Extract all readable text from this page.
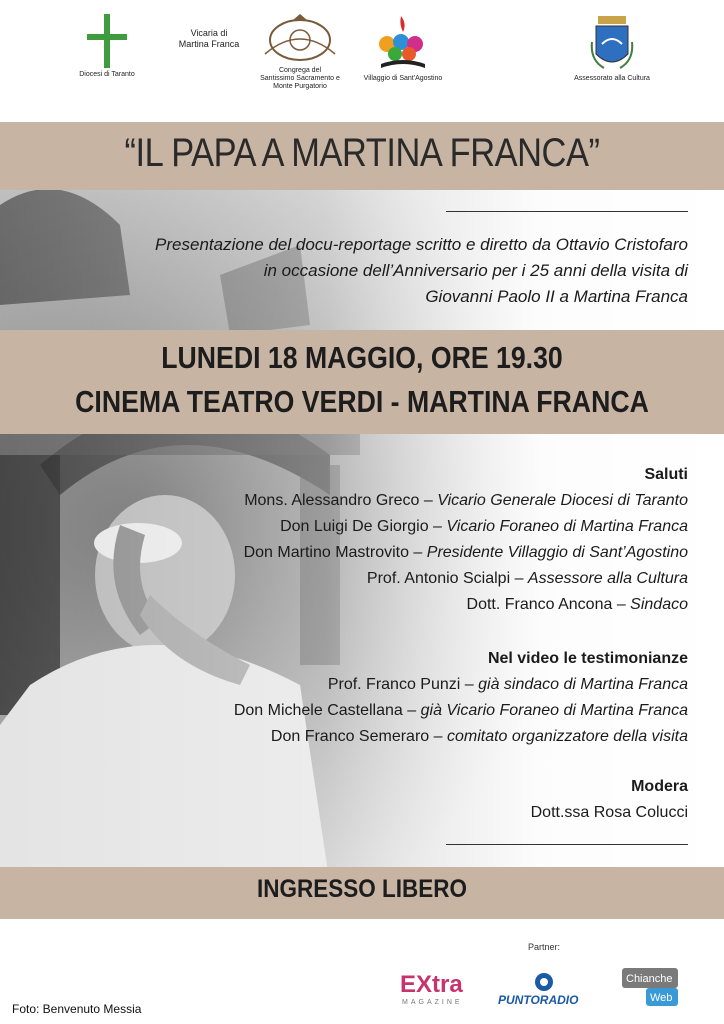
Diocesi di Taranto
Vicaria di
Martina Franca
Congrega del
Santissimo Sacramento e
Monte Purgatorio
Villaggio di Sant'Agostino	Assessorato alla Cultura
“IL PAPA A MARTINA FRANCA”
Presentazione del docu-reportage scritto e diretto da Ottavio Cristofaro
in occasione dell’Anniversario per i 25 anni della visita di
Giovanni Paolo II a Martina Franca
LUNEDI 18 MAGGIO, ORE 19.30
CINEMA TEATRO VERDI - MARTINA FRANCA
Saluti
Mons. Alessandro Greco – Vicario Generale Diocesi di Taranto
Don Luigi De Giorgio – Vicario Foraneo di Martina Franca
Don Martino Mastrovito – Presidente Villaggio di Sant’Agostino
Prof. Antonio Scialpi – Assessore alla Cultura
Dott. Franco Ancona – Sindaco
Nel video le testimonianze
Prof. Franco Punzi – già sindaco di Martina Franca
Don Michele Castellana – già Vicario Foraneo di Martina Franca
Don Franco Semeraro – comitato organizzatore della visita
Modera
Dott.ssa Rosa Colucci
INGRESSO LIBERO
Partner:
EXtra
MAGAZINE	PUNTORADIO
Chianche
Web
Foto: Benvenuto Messia
